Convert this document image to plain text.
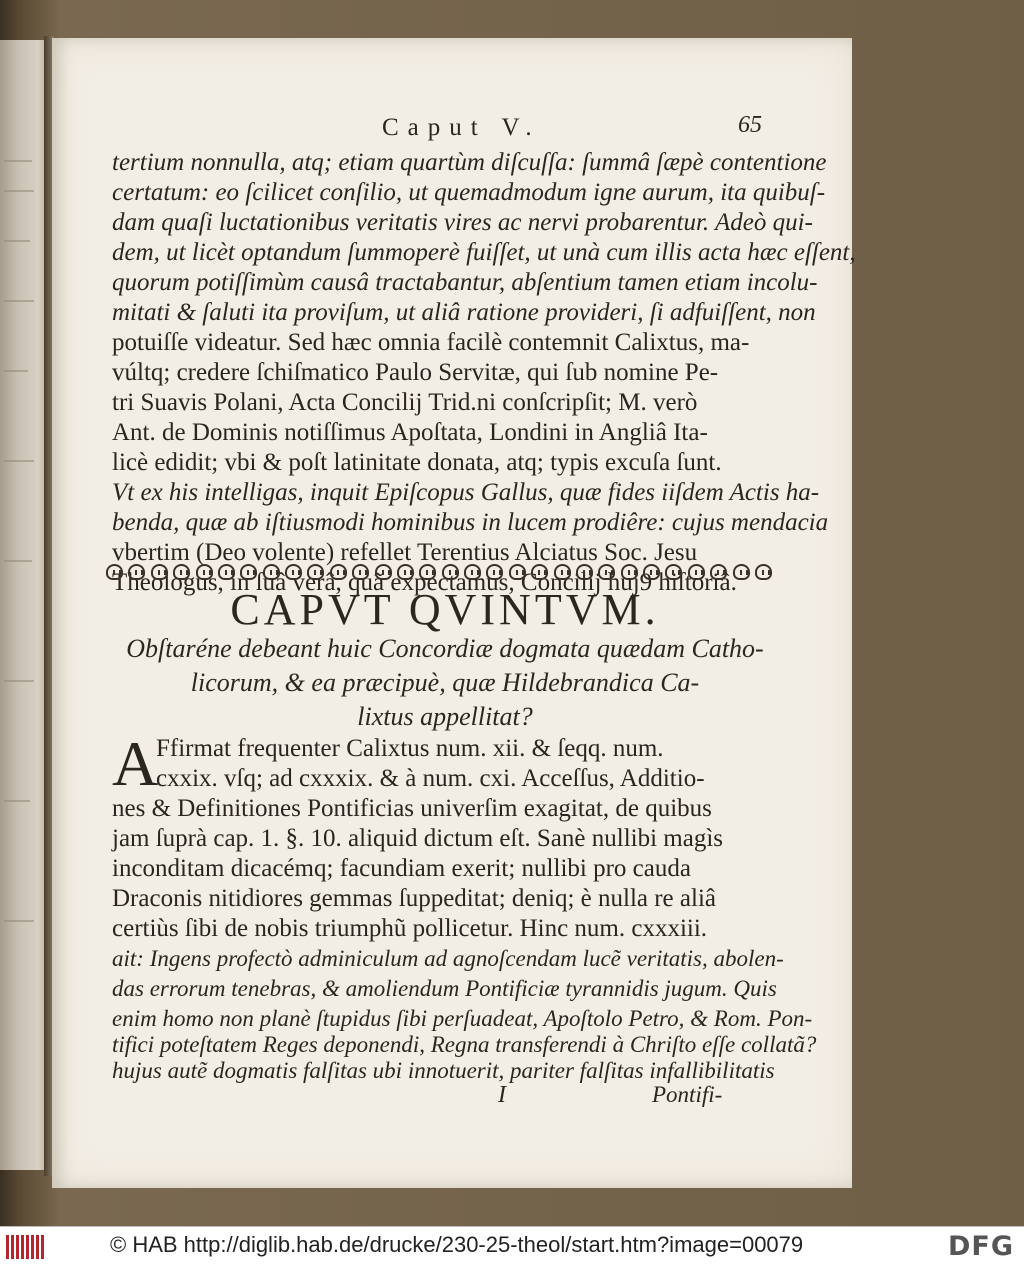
Caput V.	65
tertium nonnulla, atq; etiam quartùm diſcuſſa: ſummâ ſæpè contentione
certatum: eo ſcilicet conſilio, ut quemadmodum igne aurum, ita quibuſ-
dam quaſi luctationibus veritatis vires ac nervi probarentur. Adeò qui-
dem, ut licèt optandum ſummoperè fuiſſet, ut unà cum illis acta hæc eſſent,
quorum potiſſimùm causâ tractabantur, abſentium tamen etiam incolu-
mitati & ſaluti ita proviſum, ut aliâ ratione provideri, ſi adfuiſſent, non
potuiſſe videatur. Sed hæc omnia facilè contemnit Calixtus, ma-
vúltq; credere ſchiſmatico Paulo Servitæ, qui ſub nomine Pe-
tri Suavis Polani, Acta Concilij Trid.ni conſcripſit; M. verò
Ant. de Dominis notiſſimus Apoſtata, Londini in Angliâ Ita-
licè edidit; vbi & poſt latinitate donata, atq; typis excuſa ſunt.
Vt ex his intelligas, inquit Epiſcopus Gallus, quæ fides iiſdem Actis ha-
benda, quæ ab iſtiusmodi hominibus in lucem prodiêre: cujus mendacia
vbertim (Deo volente) refellet Terentius Alciatus Soc. Jesu
Theologus, in ſuâ verâ, quã expectamus, Concilij huj9 hiſtoriâ.
CAPVT QVINTVM.
Obſtaréne debeant huic Concordiæ dogmata quædam Catho-
licorum, & ea præcipuè, quæ Hildebrandica Ca-
lixtus appellitat?
A
Ffirmat frequenter Calixtus num. xii. & ſeqq. num.
cxxix. vſq; ad cxxxix. & à num. cxi. Acceſſus, Additio-
nes & Definitiones Pontificias univerſim exagitat, de quibus
jam ſuprà cap. 1. §. 10. aliquid dictum eſt. Sanè nullibi magìs
inconditam dicacémq; facundiam exerit; nullibi pro cauda
Draconis nitidiores gemmas ſuppeditat; deniq; è nulla re aliâ
certiùs ſibi de nobis triumphũ pollicetur. Hinc num. cxxxiii.
ait: Ingens profectò adminiculum ad agnoſcendam lucẽ veritatis, abolen-
das errorum tenebras, & amoliendum Pontificiæ tyrannidis jugum. Quis
enim homo non planè ſtupidus ſibi perſuadeat, Apoſtolo Petro, & Rom. Pon-
tifici poteſtatem Reges deponendi, Regna transferendi à Chriſto eſſe collatã?
I	Pontifi-
hujus autẽ dogmatis falſitas ubi innotuerit, pariter falſitas infallibilitatis
© HAB http://diglib.hab.de/drucke/230-25-theol/start.htm?image=00079	DFG
